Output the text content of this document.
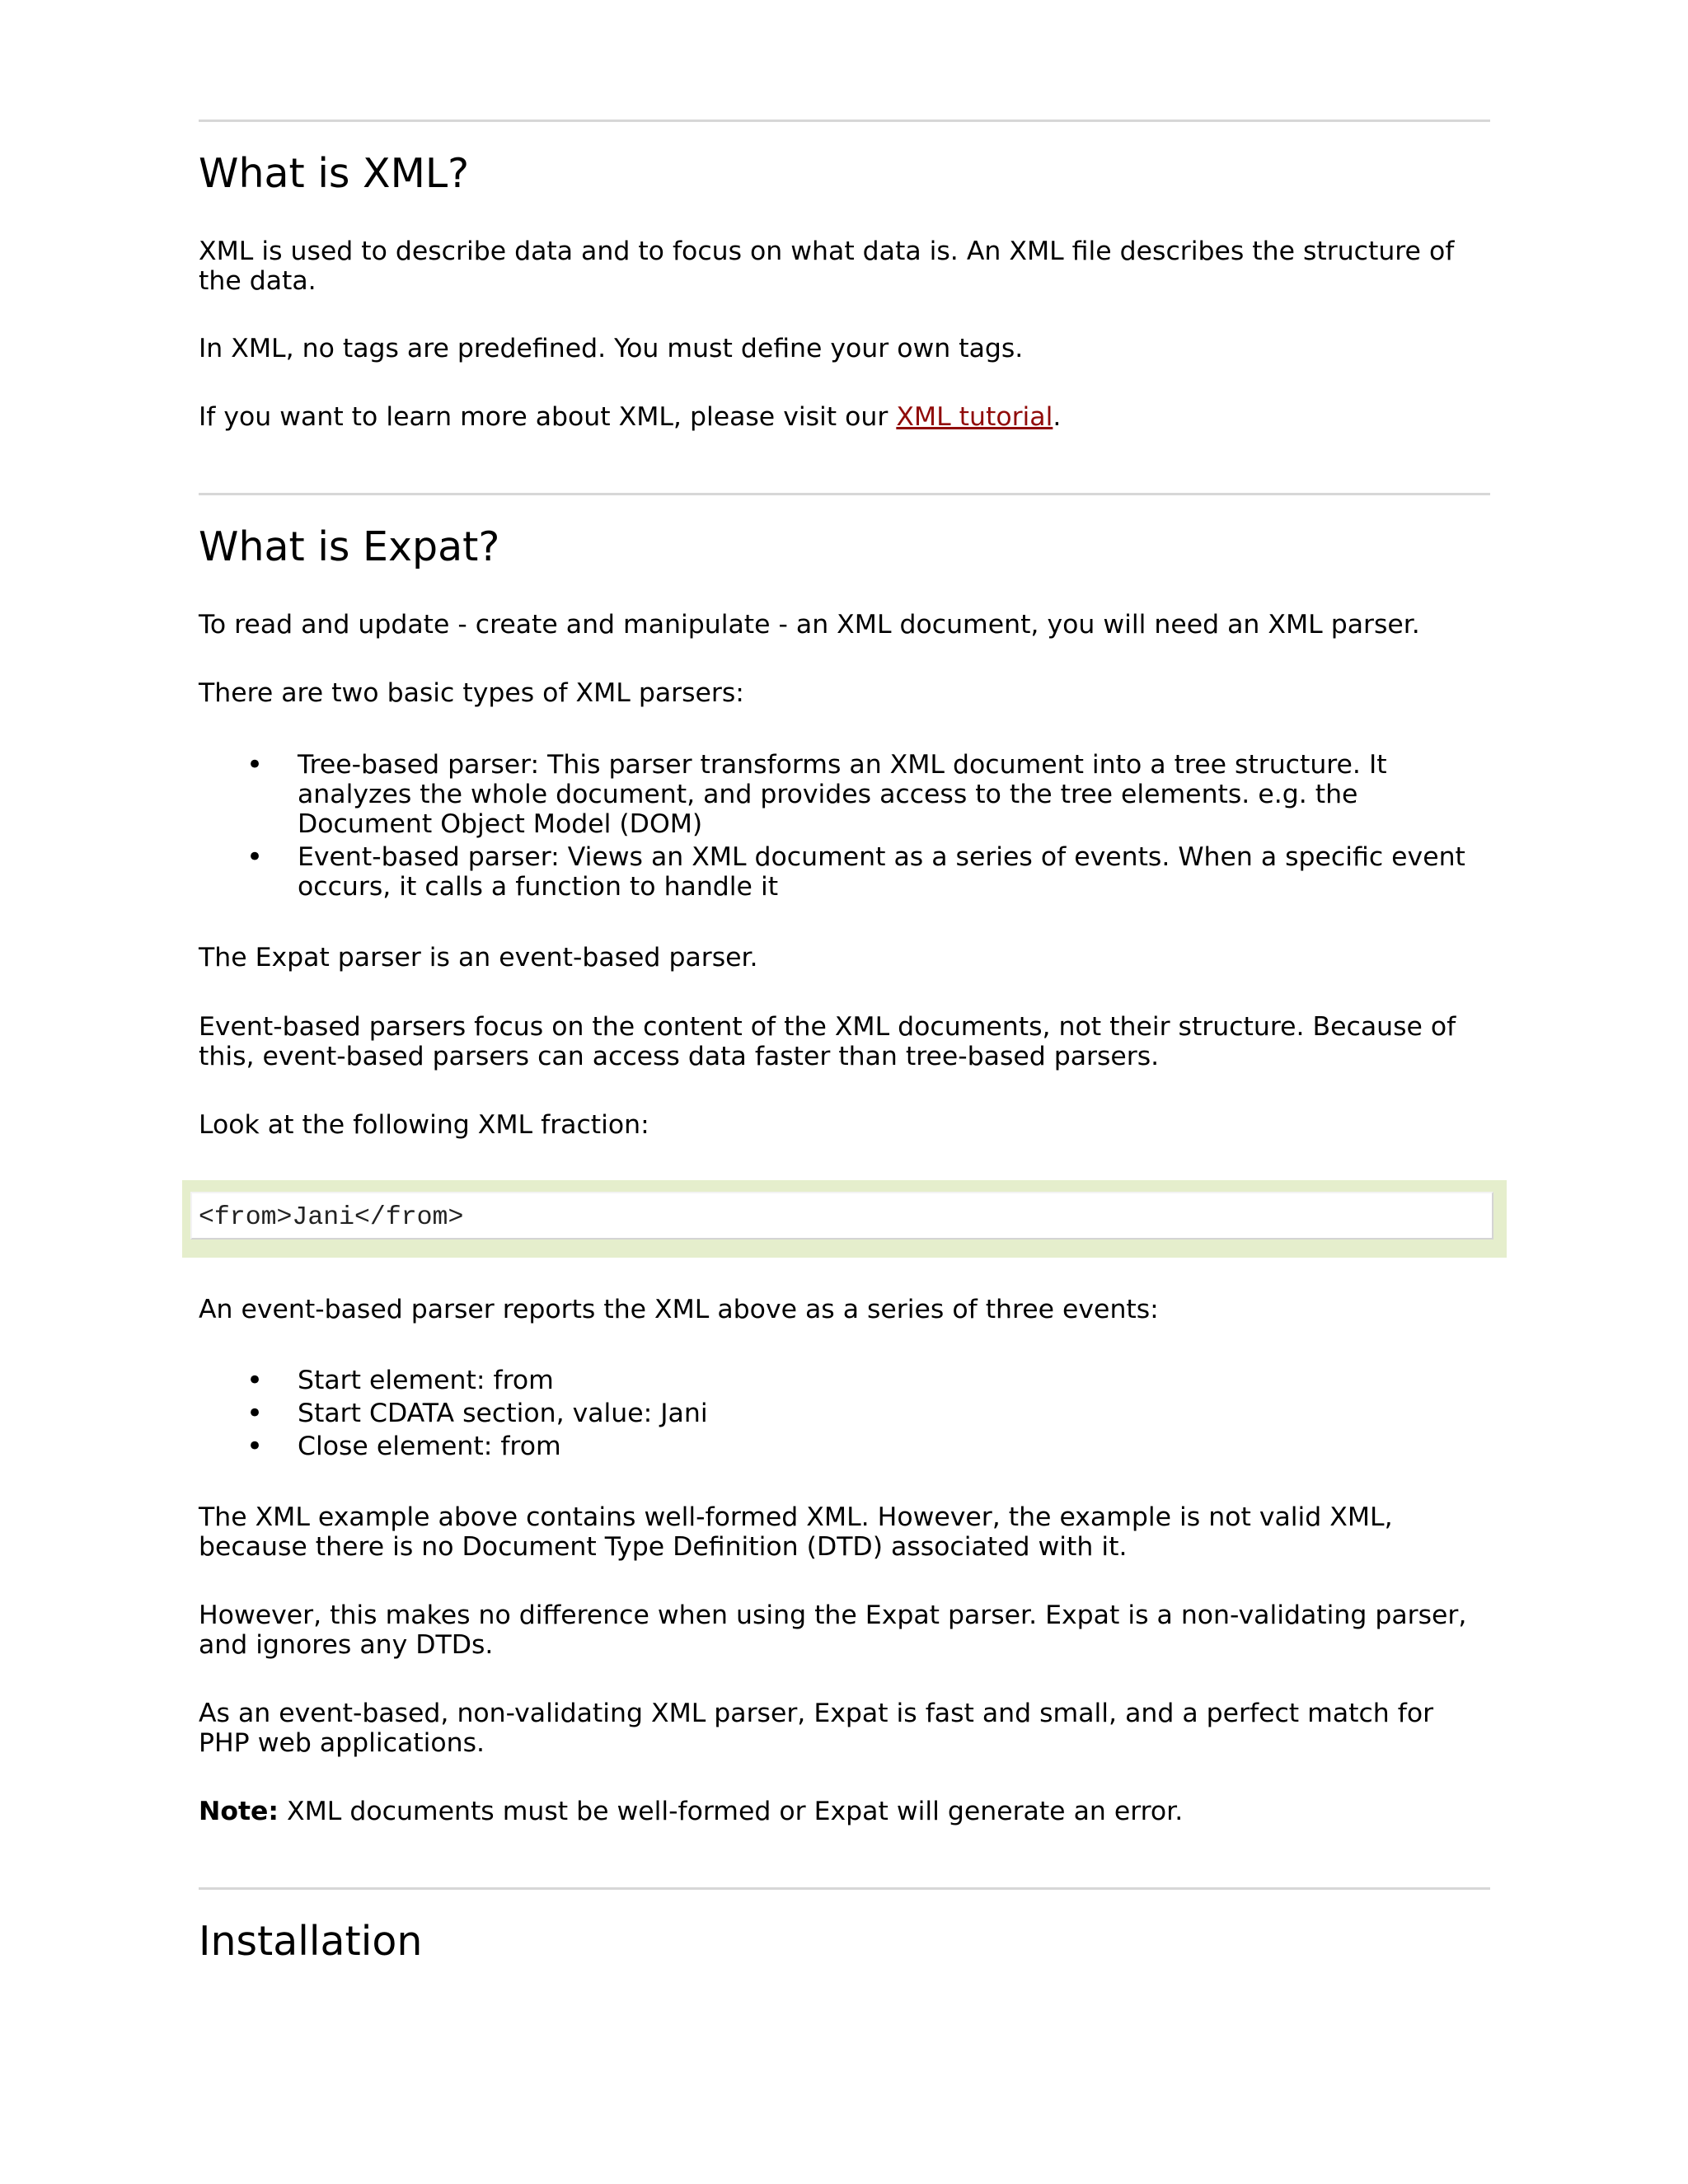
What is XML?

XML is used to describe data and to focus on what data is. An XML file describes the structure of the data.

In XML, no tags are predefined. You must define your own tags.

If you want to learn more about XML, please visit our XML tutorial.

What is Expat?

To read and update - create and manipulate - an XML document, you will need an XML parser.

There are two basic types of XML parsers:

• Tree-based parser: This parser transforms an XML document into a tree structure. It analyzes the whole document, and provides access to the tree elements. e.g. the Document Object Model (DOM)
• Event-based parser: Views an XML document as a series of events. When a specific event occurs, it calls a function to handle it

The Expat parser is an event-based parser.

Event-based parsers focus on the content of the XML documents, not their structure. Because of this, event-based parsers can access data faster than tree-based parsers.

Look at the following XML fraction:

<from>Jani</from>

An event-based parser reports the XML above as a series of three events:

• Start element: from
• Start CDATA section, value: Jani
• Close element: from

The XML example above contains well-formed XML. However, the example is not valid XML, because there is no Document Type Definition (DTD) associated with it.

However, this makes no difference when using the Expat parser. Expat is a non-validating parser, and ignores any DTDs.

As an event-based, non-validating XML parser, Expat is fast and small, and a perfect match for PHP web applications.

Note: XML documents must be well-formed or Expat will generate an error.

Installation
